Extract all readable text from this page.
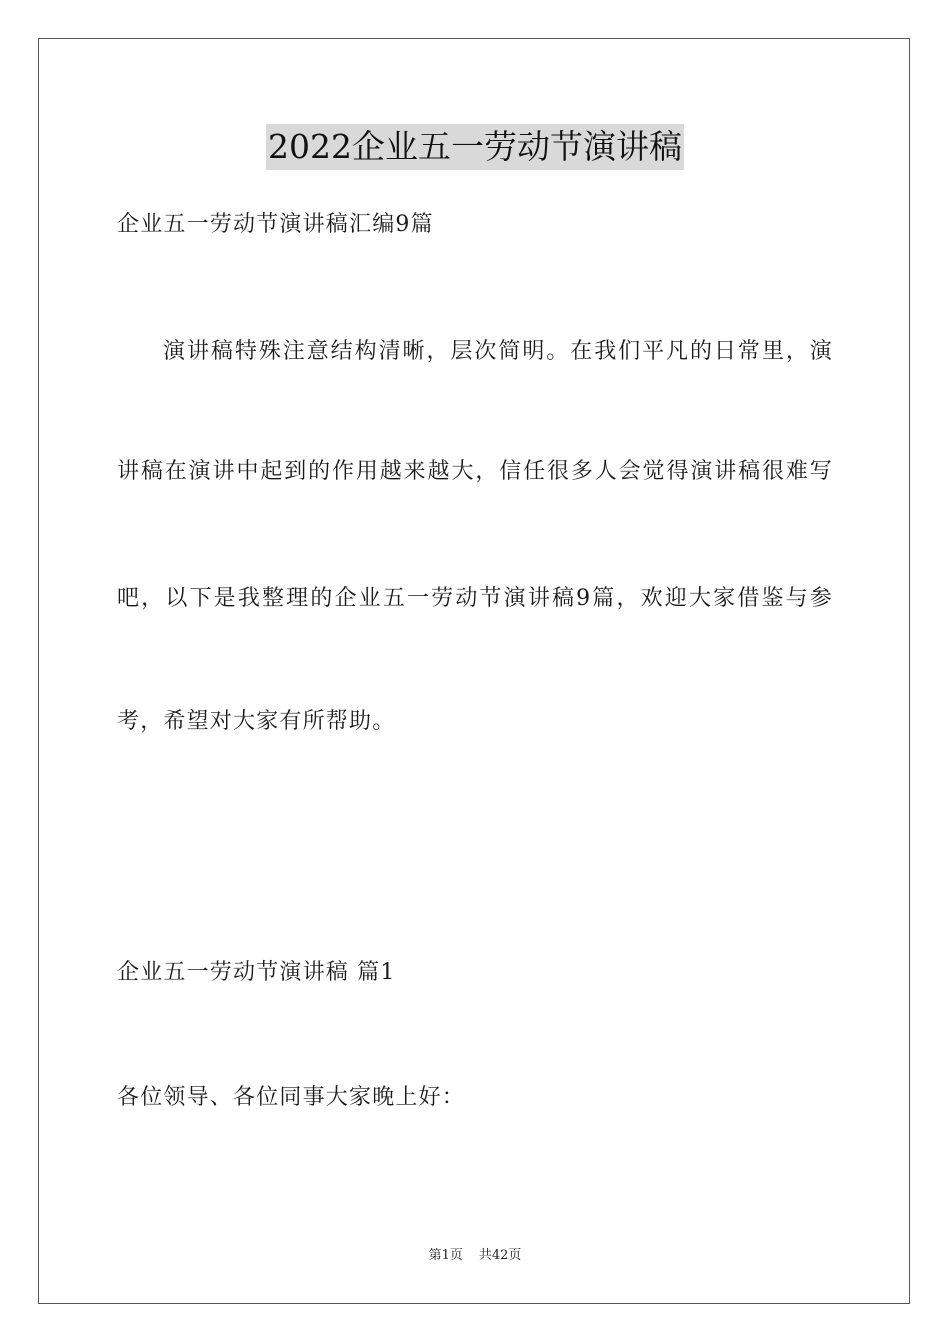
2022企业五一劳动节演讲稿
企业五一劳动节演讲稿汇编9篇
演讲稿特殊注意结构清晰，层次简明。在我们平凡的日常里，演
讲稿在演讲中起到的作用越来越大，信任很多人会觉得演讲稿很难写
吧，以下是我整理的企业五一劳动节演讲稿9篇，欢迎大家借鉴与参
考，希望对大家有所帮助。
企业五一劳动节演讲稿 篇1
各位领导、各位同事大家晚上好：
第1页 共42页
